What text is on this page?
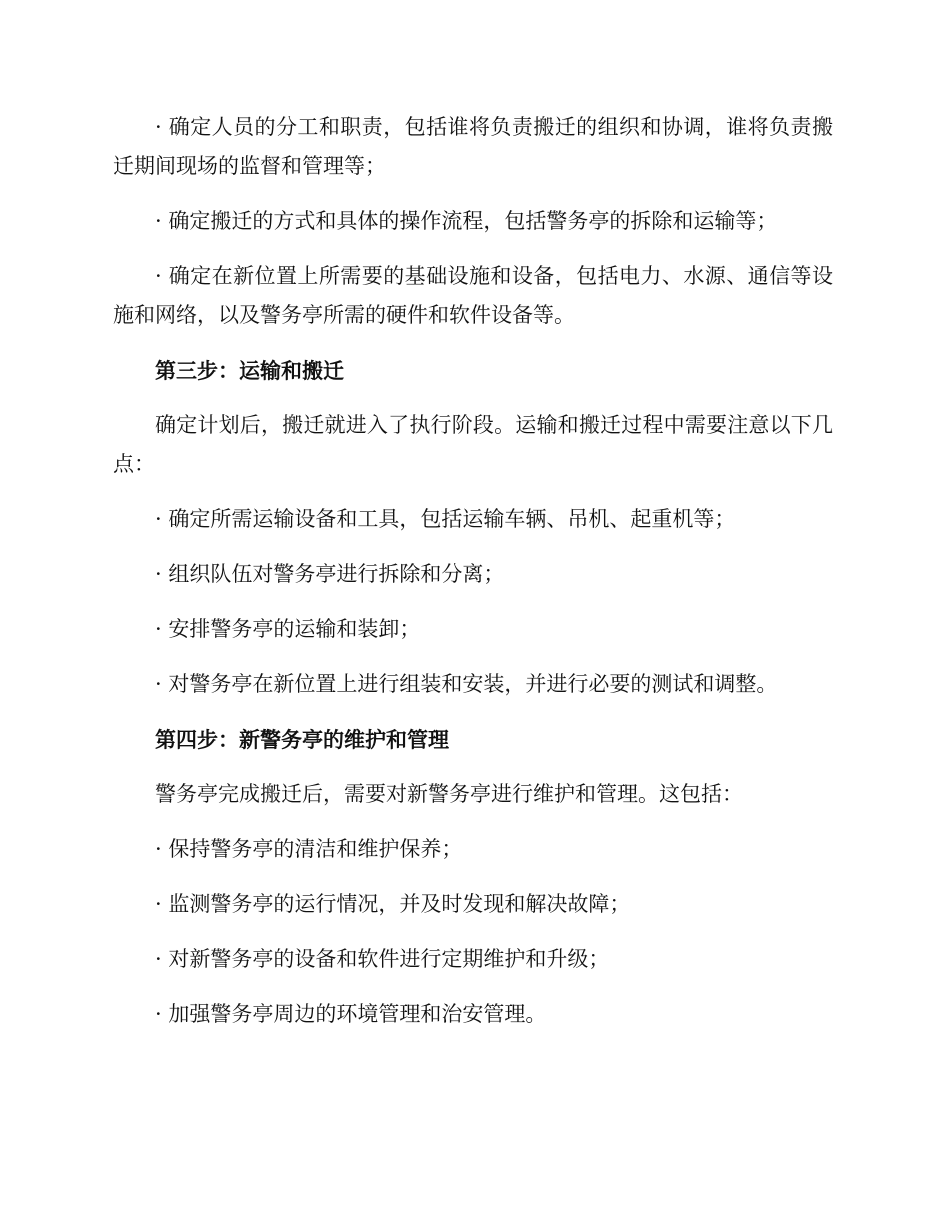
· 确定人员的分工和职责，包括谁将负责搬迁的组织和协调，谁将负责搬迁期间现场的监督和管理等；

· 确定搬迁的方式和具体的操作流程，包括警务亭的拆除和运输等；

· 确定在新位置上所需要的基础设施和设备，包括电力、水源、通信等设施和网络，以及警务亭所需的硬件和软件设备等。

第三步：运输和搬迁

确定计划后，搬迁就进入了执行阶段。运输和搬迁过程中需要注意以下几点：

· 确定所需运输设备和工具，包括运输车辆、吊机、起重机等；

· 组织队伍对警务亭进行拆除和分离；

· 安排警务亭的运输和装卸；

· 对警务亭在新位置上进行组装和安装，并进行必要的测试和调整。

第四步：新警务亭的维护和管理

警务亭完成搬迁后，需要对新警务亭进行维护和管理。这包括：

· 保持警务亭的清洁和维护保养；

· 监测警务亭的运行情况，并及时发现和解决故障；

· 对新警务亭的设备和软件进行定期维护和升级；

· 加强警务亭周边的环境管理和治安管理。
